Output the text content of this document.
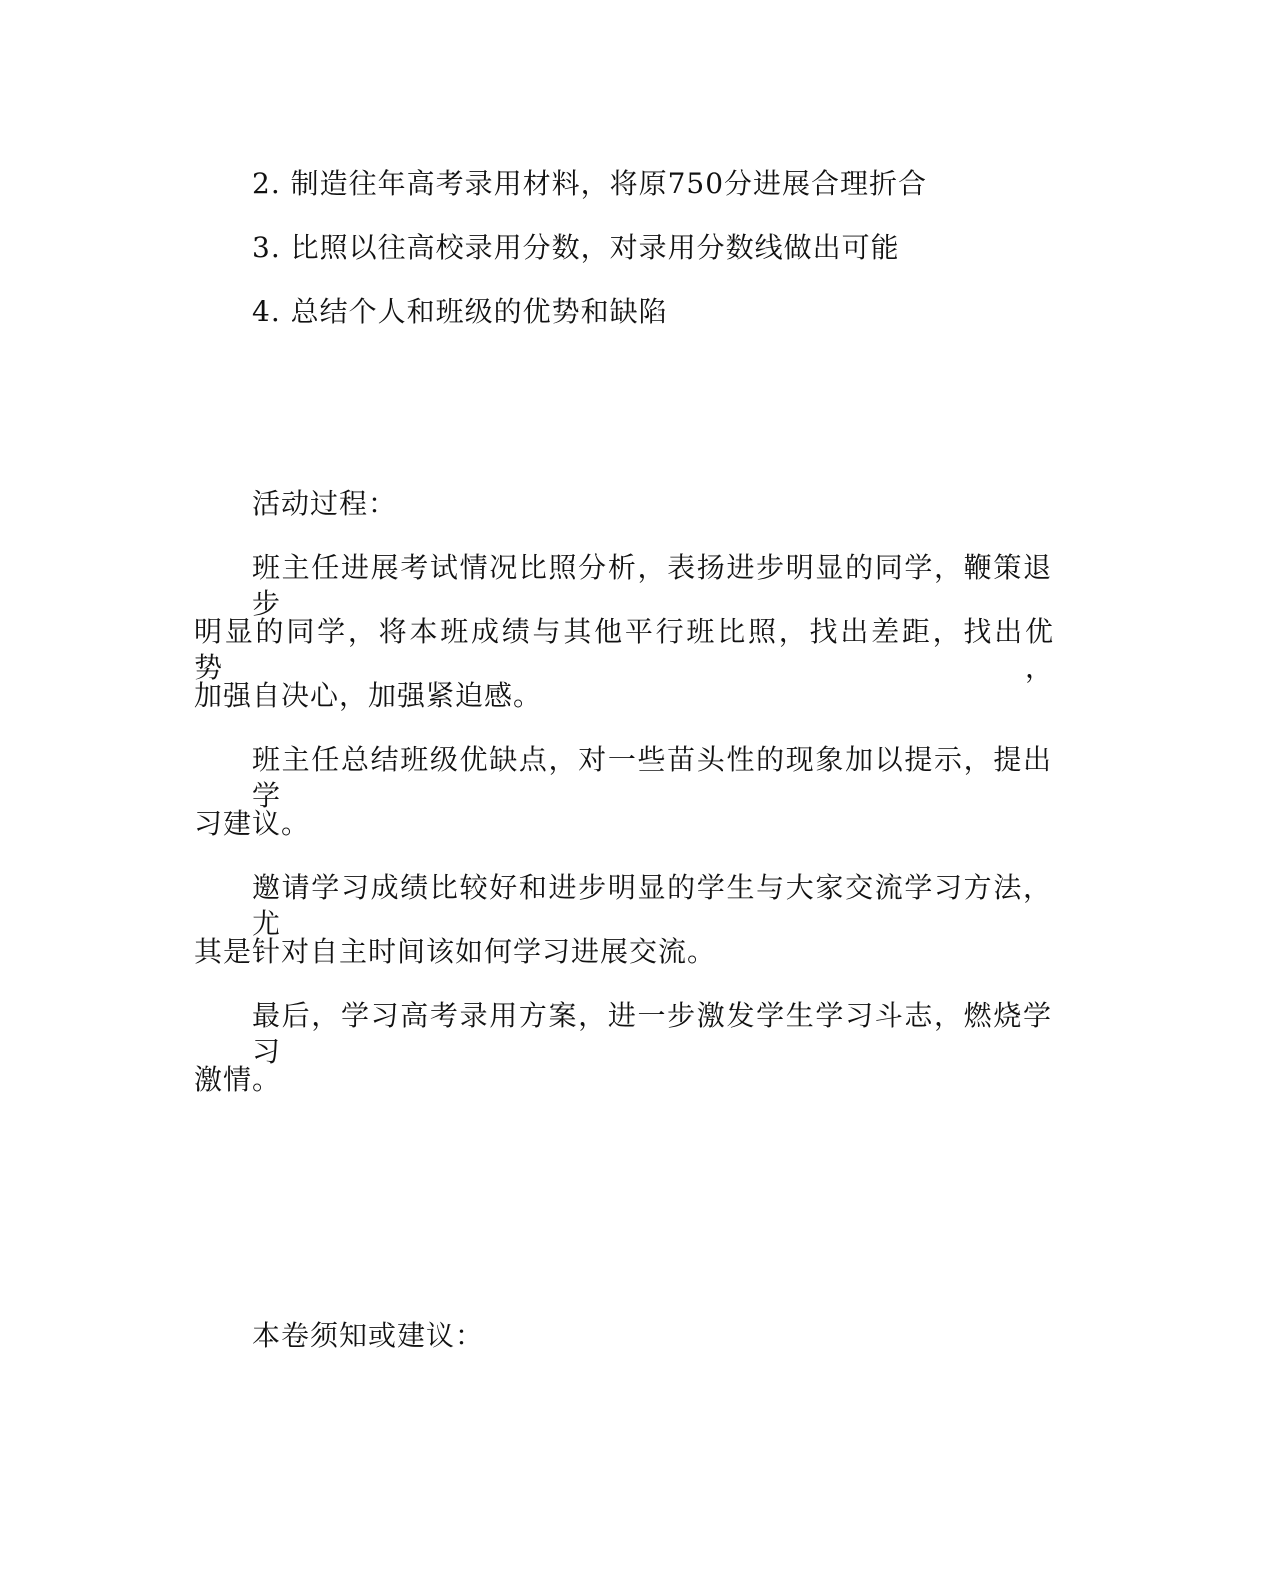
2. 制造往年高考录用材料，将原750分进展合理折合

3. 比照以往高校录用分数，对录用分数线做出可能

4. 总结个人和班级的优势和缺陷

活动过程：

班主任进展考试情况比照分析，表扬进步明显的同学，鞭策退步

明显的同学，将本班成绩与其他平行班比照，找出差距，找出优势，

加强自决心，加强紧迫感。

班主任总结班级优缺点，对一些苗头性的现象加以提示，提出学

习建议。

邀请学习成绩比较好和进步明显的学生与大家交流学习方法，尤

其是针对自主时间该如何学习进展交流。

最后，学习高考录用方案，进一步激发学生学习斗志，燃烧学习

激情。

本卷须知或建议：
